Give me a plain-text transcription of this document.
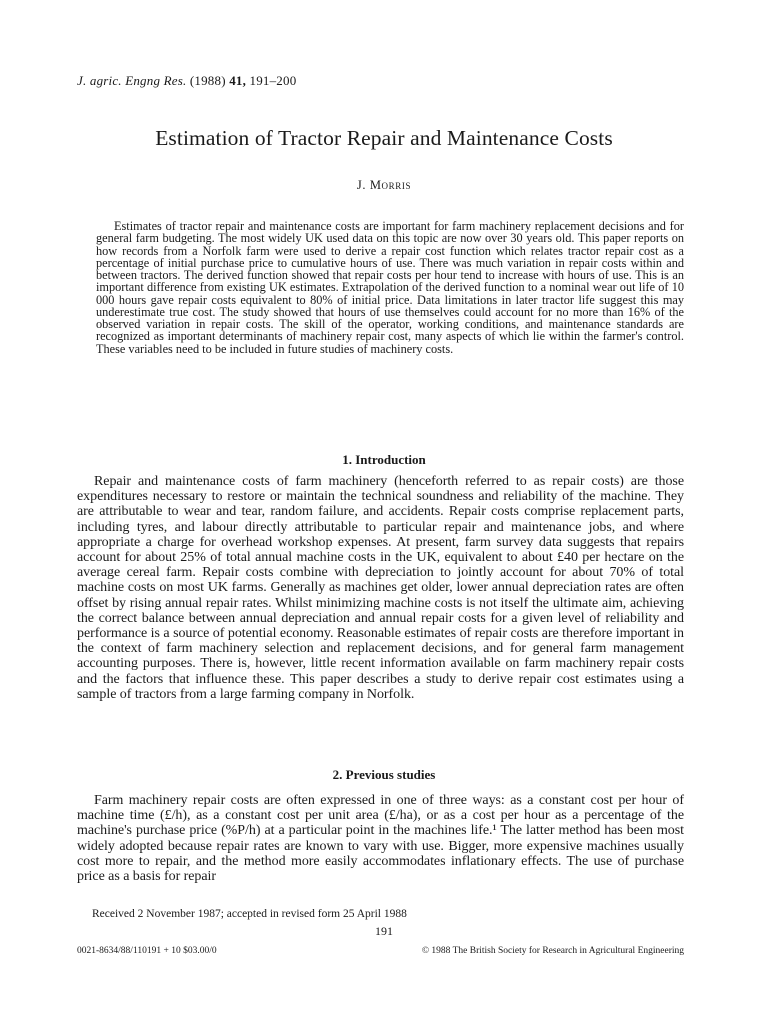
J. agric. Engng Res. (1988) 41, 191–200
Estimation of Tractor Repair and Maintenance Costs
J. Morris

Estimates of tractor repair and maintenance costs are important for farm machinery replacement decisions and for general farm budgeting. The most widely UK used data on this topic are now over 30 years old. This paper reports on how records from a Norfolk farm were used to derive a repair cost function which relates tractor repair cost as a percentage of initial purchase price to cumulative hours of use. There was much variation in repair costs within and between tractors. The derived function showed that repair costs per hour tend to increase with hours of use. This is an important difference from existing UK estimates. Extrapolation of the derived function to a nominal wear out life of 10 000 hours gave repair costs equivalent to 80% of initial price. Data limitations in later tractor life suggest this may underestimate true cost. The study showed that hours of use themselves could account for no more than 16% of the observed variation in repair costs. The skill of the operator, working conditions, and maintenance standards are recognized as important determinants of machinery repair cost, many aspects of which lie within the farmer's control. These variables need to be included in future studies of machinery costs.

1. Introduction

Repair and maintenance costs of farm machinery (henceforth referred to as repair costs) are those expenditures necessary to restore or maintain the technical soundness and reliability of the machine. They are attributable to wear and tear, random failure, and accidents. Repair costs comprise replacement parts, including tyres, and labour directly attributable to particular repair and maintenance jobs, and where appropriate a charge for overhead workshop expenses. At present, farm survey data suggests that repairs account for about 25% of total annual machine costs in the UK, equivalent to about £40 per hectare on the average cereal farm. Repair costs combine with depreciation to jointly account for about 70% of total machine costs on most UK farms. Generally as machines get older, lower annual depreciation rates are often offset by rising annual repair rates. Whilst minimizing machine costs is not itself the ultimate aim, achieving the correct balance between annual depreciation and annual repair costs for a given level of reliability and performance is a source of potential economy. Reasonable estimates of repair costs are therefore important in the context of farm machinery selection and replacement decisions, and for general farm management accounting purposes. There is, however, little recent information available on farm machinery repair costs and the factors that influence these. This paper describes a study to derive repair cost estimates using a sample of tractors from a large farming company in Norfolk.

2. Previous studies

Farm machinery repair costs are often expressed in one of three ways: as a constant cost per hour of machine time (£/h), as a constant cost per unit area (£/ha), or as a cost per hour as a percentage of the machine's purchase price (%P/h) at a particular point in the machines life.¹ The latter method has been most widely adopted because repair rates are known to vary with use. Bigger, more expensive machines usually cost more to repair, and the method more easily accommodates inflationary effects. The use of purchase price as a basis for repair

Received 2 November 1987; accepted in revised form 25 April 1988
191
0021-8634/88/110191 + 10 $03.00/0	© 1988 The British Society for Research in Agricultural Engineering
